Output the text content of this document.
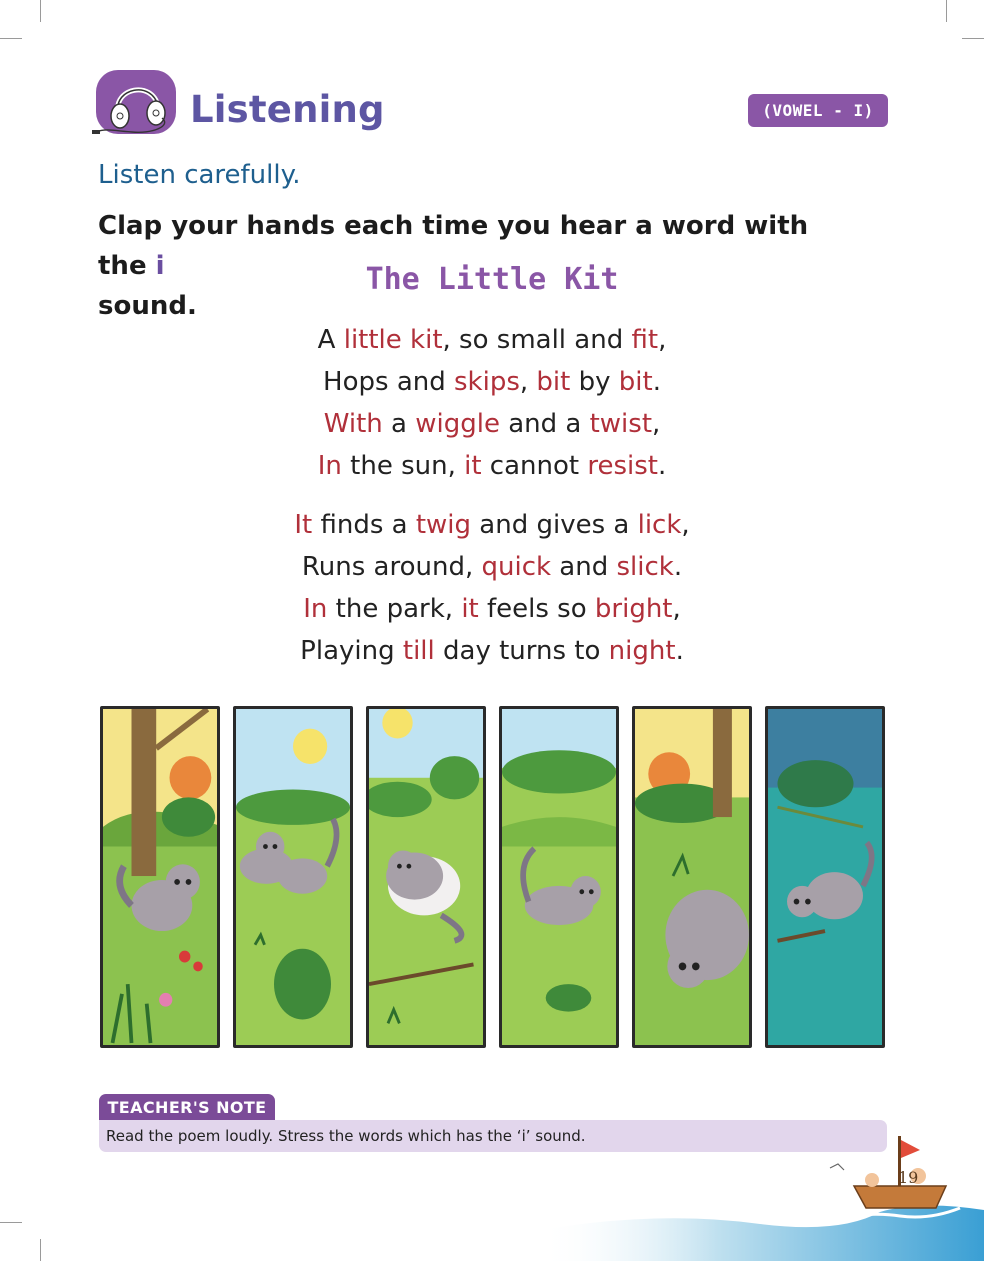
Listening	(VOWEL - I)
Listen carefully.
Clap your hands each time you hear a word with the i
sound.
The Little Kit
A little kit, so small and fit,
Hops and skips, bit by bit.
With a wiggle and a twist,
In the sun, it cannot resist.
It finds a twig and gives a lick,
Runs around, quick and slick.
In the park, it feels so bright,
Playing till day turns to night.
TEACHER'S NOTE
Read the poem loudly. Stress the words which has the ‘i’ sound.
19
